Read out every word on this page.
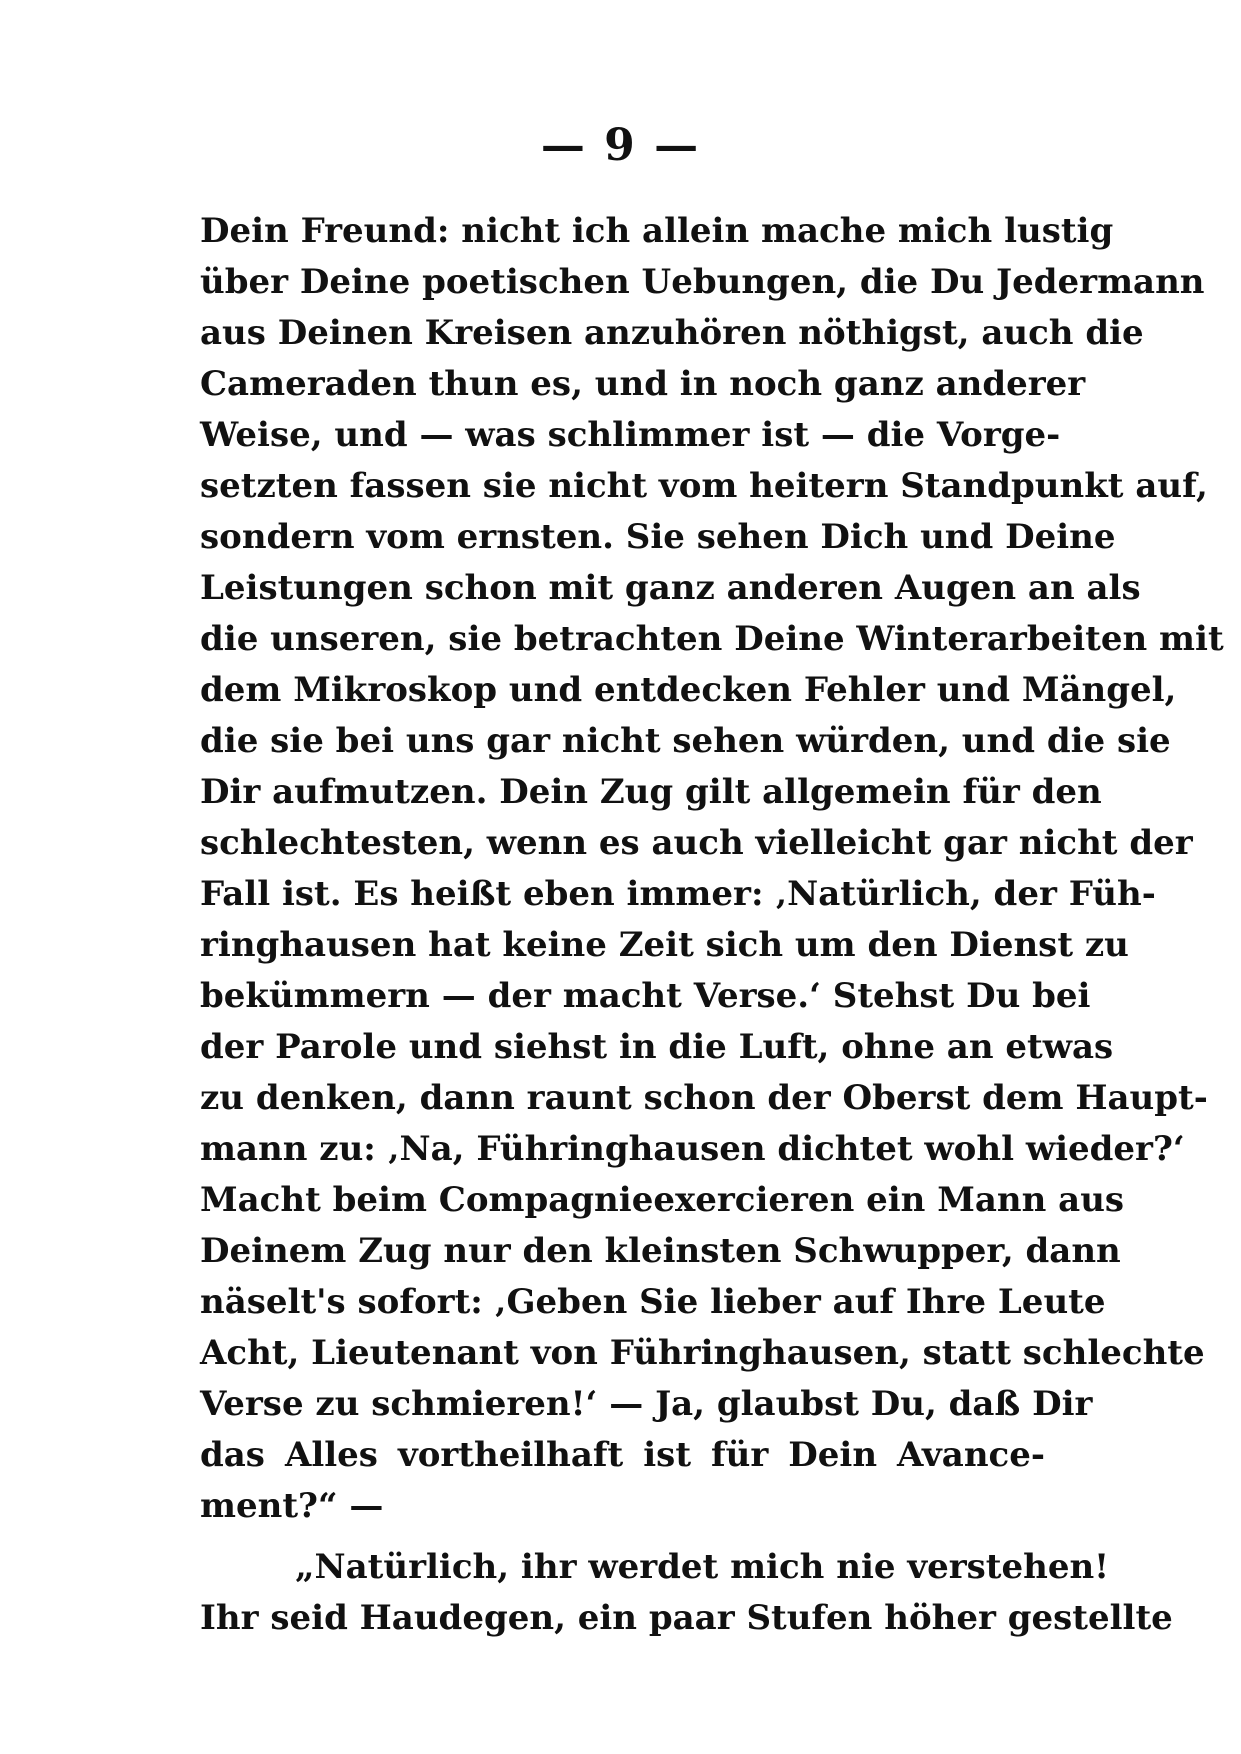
— 9 —
Dein Freund: nicht ich allein mache mich lustig
über Deine poetischen Uebungen, die Du Jedermann
aus Deinen Kreisen anzuhören nöthigst, auch die
Cameraden thun es, und in noch ganz anderer
Weise, und — was schlimmer ist — die Vorge-
setzten fassen sie nicht vom heitern Standpunkt auf,
sondern vom ernsten. Sie sehen Dich und Deine
Leistungen schon mit ganz anderen Augen an als
die unseren, sie betrachten Deine Winterarbeiten mit
dem Mikroskop und entdecken Fehler und Mängel,
die sie bei uns gar nicht sehen würden, und die sie
Dir aufmutzen. Dein Zug gilt allgemein für den
schlechtesten, wenn es auch vielleicht gar nicht der
Fall ist. Es heißt eben immer: ‚Natürlich, der Füh-
ringhausen hat keine Zeit sich um den Dienst zu
bekümmern — der macht Verse.‘ Stehst Du bei
der Parole und siehst in die Luft, ohne an etwas
zu denken, dann raunt schon der Oberst dem Haupt-
mann zu: ‚Na, Führinghausen dichtet wohl wieder?‘
Macht beim Compagnieexercieren ein Mann aus
Deinem Zug nur den kleinsten Schwupper, dann
näselt's sofort: ‚Geben Sie lieber auf Ihre Leute
Acht, Lieutenant von Führinghausen, statt schlechte
Verse zu schmieren!‘ — Ja, glaubst Du, daß Dir
das Alles vortheilhaft ist für Dein Avance-
ment?“ —
„Natürlich, ihr werdet mich nie verstehen!
Ihr seid Haudegen, ein paar Stufen höher gestellte
